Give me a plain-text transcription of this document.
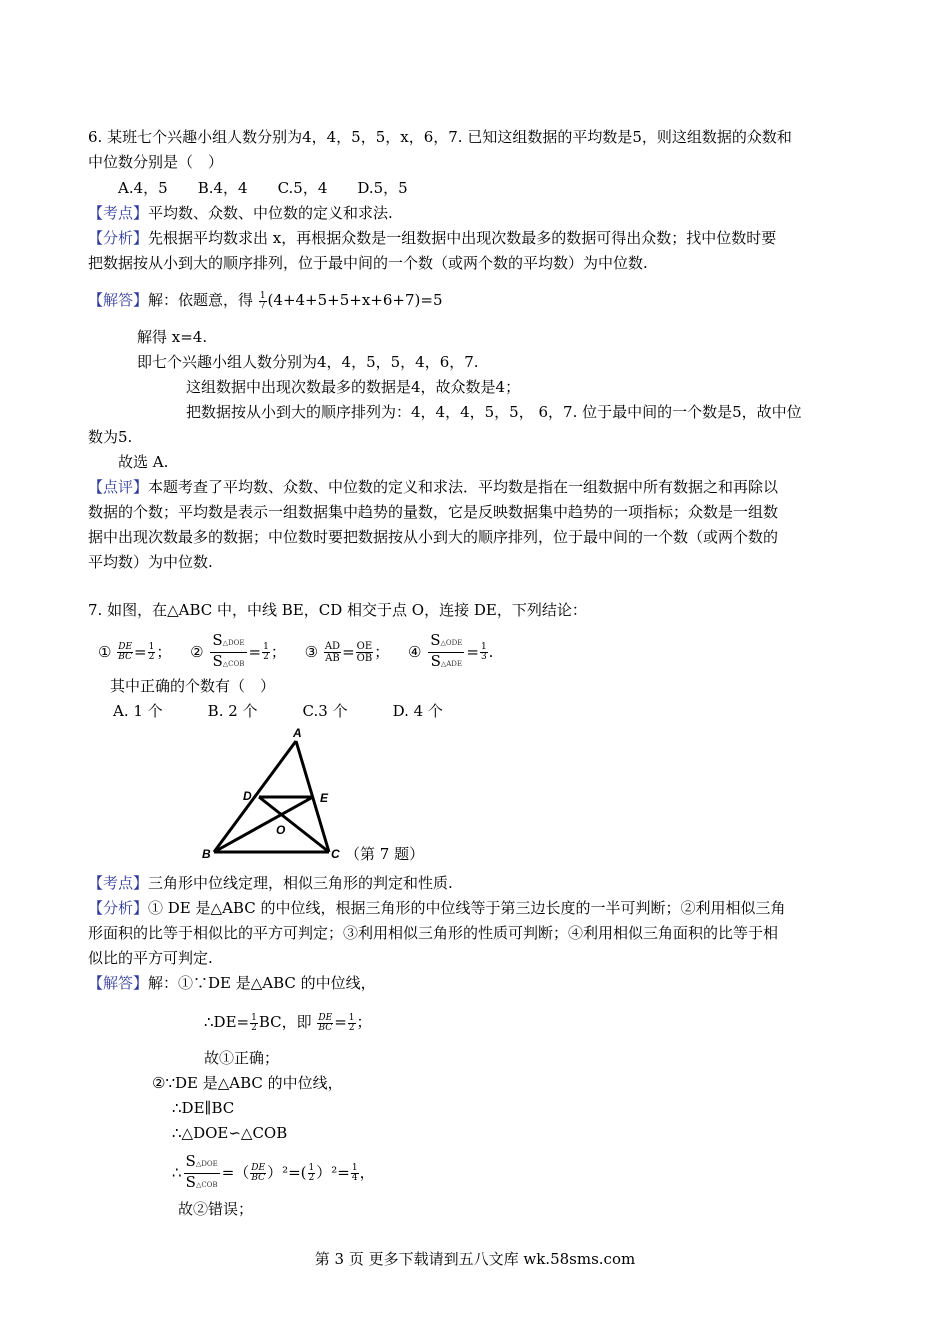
6. 某班七个兴趣小组人数分别为4，4，5，5，x，6，7. 已知这组数据的平均数是5，则这组数据的众数和
中位数分别是（　）
A.4，5　　B.4，4　　C.5，4　　D.5，5
【考点】平均数、众数、中位数的定义和求法.
【分析】先根据平均数求出 x，再根据众数是一组数据中出现次数最多的数据可得出众数；找中位数时要
把数据按从小到大的顺序排列，位于最中间的一个数（或两个数的平均数）为中位数.
【解答】解：依题意，得 $\frac{1}{7} (4+4+5+5+x+6+7)=5$
解得 x=4.
即七个兴趣小组人数分别为4，4，5，5，4，6，7.
这组数据中出现次数最多的数据是4，故众数是4；
把数据按从小到大的顺序排列为：4，4，4，5，5， 6，7. 位于最中间的一个数是5，故中位
数为5.
故选 A.
【点评】本题考查了平均数、众数、中位数的定义和求法．平均数是指在一组数据中所有数据之和再除以
数据的个数；平均数是表示一组数据集中趋势的量数，它是反映数据集中趋势的一项指标；众数是一组数
据中出现次数最多的数据；中位数时要把数据按从小到大的顺序排列，位于最中间的一个数（或两个数的
平均数）为中位数.
7. 如图，在△ABC 中，中线 BE，CD 相交于点 O，连接 DE，下列结论：
① $\frac{DE}{BC} = \frac{1}{2}$ ； ②
S△DOE
S△COB
= $\frac{1}{2}$ ； ③ $\frac{AD}{AB} = \frac{OE}{OB}$ ； ④
S△ODE
S△ADE
= $\frac{1}{3}$ .
其中正确的个数有（　）
A. 1 个　　　B. 2 个　　　C.3 个　　　D. 4 个
A
D	E
O
B	C （第 7 题）
【考点】三角形中位线定理，相似三角形的判定和性质.
【分析】① DE 是△ABC 的中位线，根据三角形的中位线等于第三边长度的一半可判断；②利用相似三角
形面积的比等于相似比的平方可判定；③利用相似三角形的性质可判断；④利用相似三角面积的比等于相
似比的平方可判定.
【解答】解：①∵DE 是△ABC 的中位线，
∴DE= $\frac{1}{2}$ BC，即 $\frac{DE}{BC} = \frac{1}{2}$ ；
故①正确；
②∵DE 是△ABC 的中位线，
∴DE∥BC
∴△DOE∽△COB
∴
S△DOE
S△COB
=（ $\frac{DE}{BC} )^2=( \frac{1}{2} )^2= \frac{1}{4}$ ，
故②错误；
第 3 页 更多下载请到五八文库 wk.58sms.com
